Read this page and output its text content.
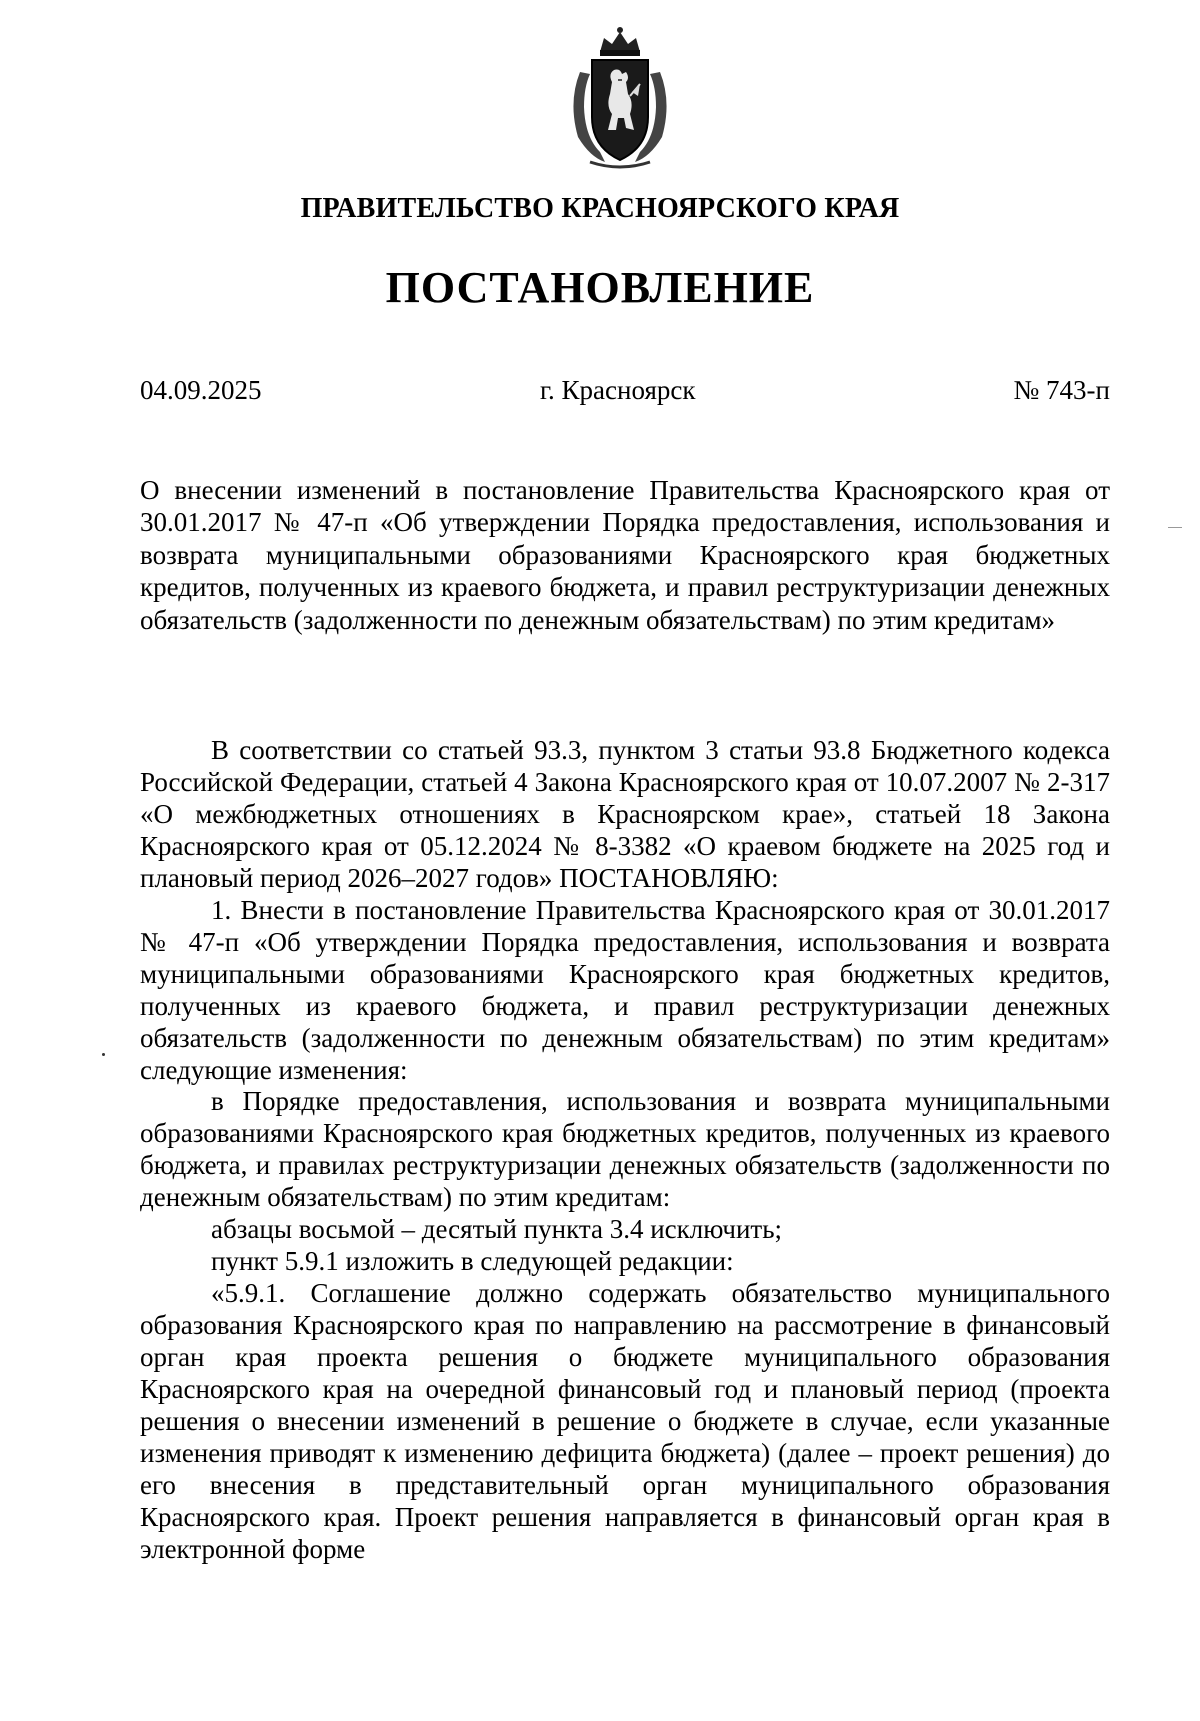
ПРАВИТЕЛЬСТВО КРАСНОЯРСКОГО КРАЯ
ПОСТАНОВЛЕНИЕ
04.09.2025	г. Красноярск	№ 743-п
О внесении изменений в постановление Правительства Красноярского края от 30.01.2017 № 47-п «Об утверждении Порядка предоставления, использования и возврата муниципальными образованиями Красноярского края бюджетных кредитов, полученных из краевого бюджета, и правил реструктуризации денежных обязательств (задолженности по денежным обязательствам) по этим кредитам»

В соответствии со статьей 93.3, пунктом 3 статьи 93.8 Бюджетного кодекса Российской Федерации, статьей 4 Закона Красноярского края от 10.07.2007 № 2-317 «О межбюджетных отношениях в Красноярском крае», статьей 18 Закона Красноярского края от 05.12.2024 № 8-3382 «О краевом бюджете на 2025 год и плановый период 2026–2027 годов» ПОСТАНОВЛЯЮ:

1. Внести в постановление Правительства Красноярского края от 30.01.2017 № 47-п «Об утверждении Порядка предоставления, использования и возврата муниципальными образованиями Красноярского края бюджетных кредитов, полученных из краевого бюджета, и правил реструктуризации денежных обязательств (задолженности по денежным обязательствам) по этим кредитам» следующие изменения:

в Порядке предоставления, использования и возврата муниципальными образованиями Красноярского края бюджетных кредитов, полученных из краевого бюджета, и правилах реструктуризации денежных обязательств (задолженности по денежным обязательствам) по этим кредитам:

абзацы восьмой – десятый пункта 3.4 исключить;

пункт 5.9.1 изложить в следующей редакции:

«5.9.1. Соглашение должно содержать обязательство муниципального образования Красноярского края по направлению на рассмотрение в финансовый орган края проекта решения о бюджете муниципального образования Красноярского края на очередной финансовый год и плановый период (проекта решения о внесении изменений в решение о бюджете в случае, если указанные изменения приводят к изменению дефицита бюджета) (далее – проект решения) до его внесения в представительный орган муниципального образования Красноярского края. Проект решения направляется в финансовый орган края в электронной форме
